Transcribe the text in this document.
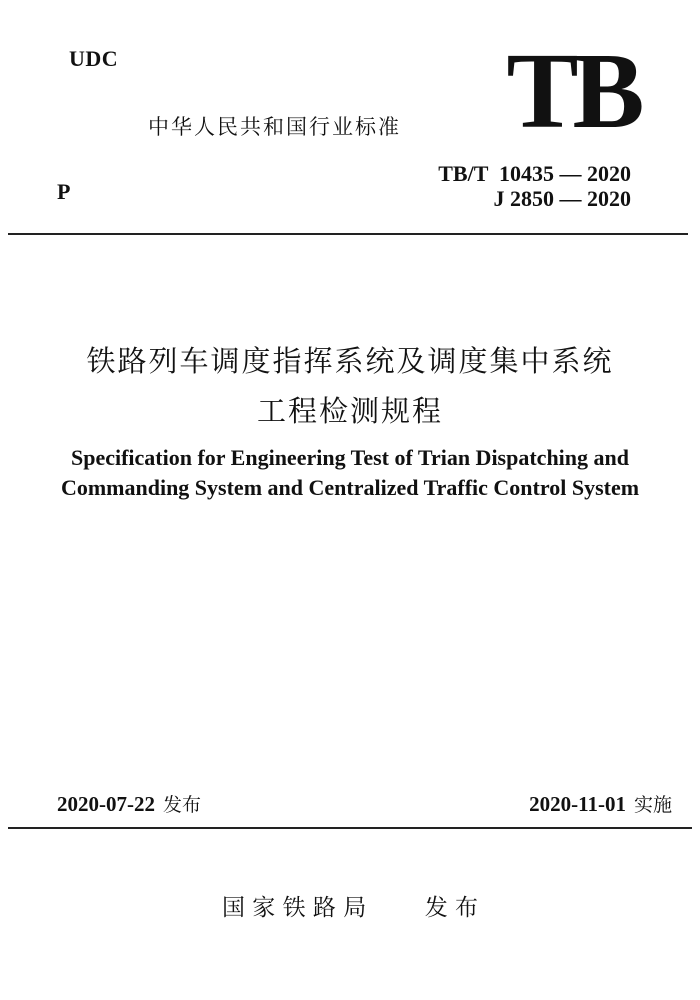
UDC	TB
中华人民共和国行业标准
P
TB/T  10435 — 2020
J 2850 — 2020
铁路列车调度指挥系统及调度集中系统
工程检测规程
Specification for Engineering Test of Trian Dispatching and
Commanding System and Centralized Traffic Control System
2020-07-22 发布	2020-11-01 实施
国 家 铁 路 局	发 布
